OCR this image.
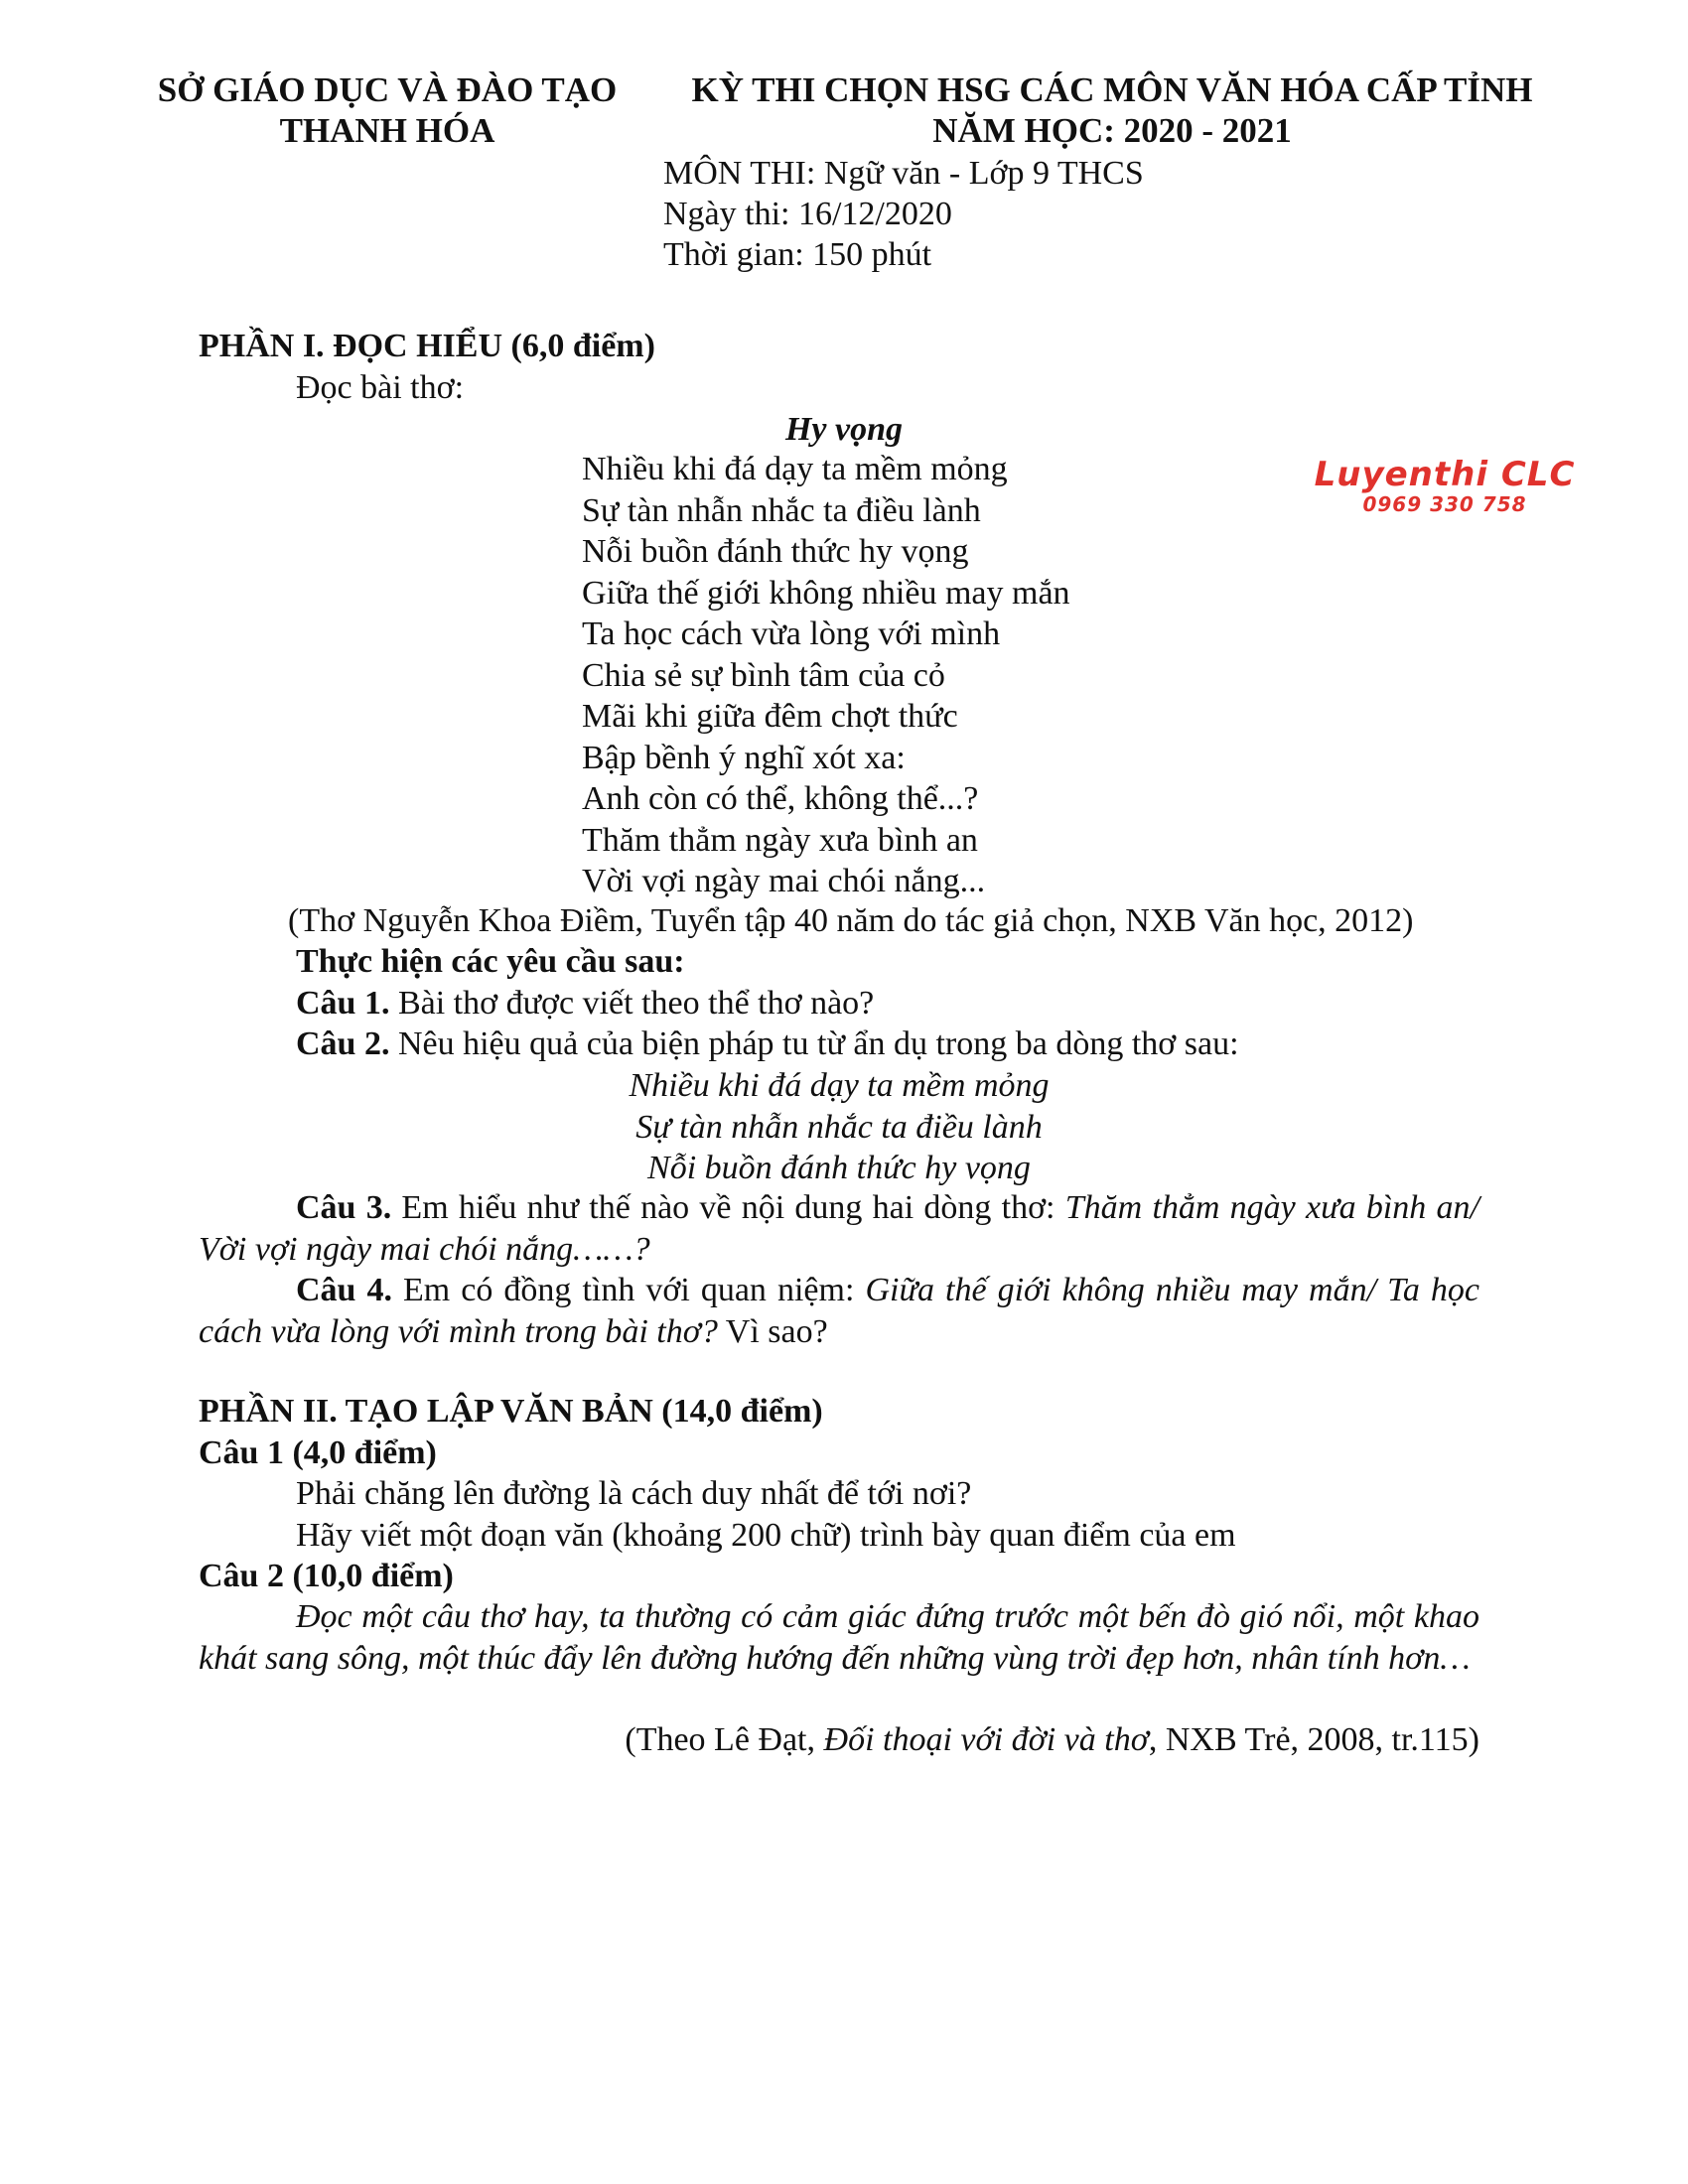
SỞ GIÁO DỤC VÀ ĐÀO TẠO
THANH HÓA
KỲ THI CHỌN HSG CÁC MÔN VĂN HÓA CẤP TỈNH
NĂM HỌC: 2020 - 2021
MÔN THI: Ngữ văn - Lớp 9 THCS
Ngày thi: 16/12/2020
Thời gian: 150 phút
Luyenthi CLC
0969 330 758
PHẦN I. ĐỌC HIỂU (6,0 điểm)
Đọc bài thơ:
Hy vọng
Nhiều khi đá dạy ta mềm mỏng
Sự tàn nhẫn nhắc ta điều lành
Nỗi buồn đánh thức hy vọng
Giữa thế giới không nhiều may mắn
Ta học cách vừa lòng với mình
Chia sẻ sự bình tâm của cỏ
Mãi khi giữa đêm chợt thức
Bập bềnh ý nghĩ xót xa:
Anh còn có thể, không thể...?
Thăm thẳm ngày xưa bình an
Vời vợi ngày mai chói nắng...
(Thơ Nguyễn Khoa Điềm, Tuyển tập 40 năm do tác giả chọn, NXB Văn học, 2012)
Thực hiện các yêu cầu sau:
Câu 1. Bài thơ được viết theo thể thơ nào?
Câu 2. Nêu hiệu quả của biện pháp tu từ ẩn dụ trong ba dòng thơ sau:
Nhiều khi đá dạy ta mềm mỏng
Sự tàn nhẫn nhắc ta điều lành
Nỗi buồn đánh thức hy vọng
Câu 3. Em hiểu như thế nào về nội dung hai dòng thơ: Thăm thẳm ngày xưa bình an/ Vời vợi ngày mai chói nắng……?
Câu 4. Em có đồng tình với quan niệm: Giữa thế giới không nhiều may mắn/ Ta học cách vừa lòng với mình trong bài thơ? Vì sao?
PHẦN II. TẠO LẬP VĂN BẢN (14,0 điểm)
Câu 1 (4,0 điểm)
Phải chăng lên đường là cách duy nhất để tới nơi?
Hãy viết một đoạn văn (khoảng 200 chữ) trình bày quan điểm của em
Câu 2 (10,0 điểm)
Đọc một câu thơ hay, ta thường có cảm giác đứng trước một bến đò gió nổi, một khao khát sang sông, một thúc đẩy lên đường hướng đến những vùng trời đẹp hơn, nhân tính hơn…
(Theo Lê Đạt, Đối thoại với đời và thơ, NXB Trẻ, 2008, tr.115)
